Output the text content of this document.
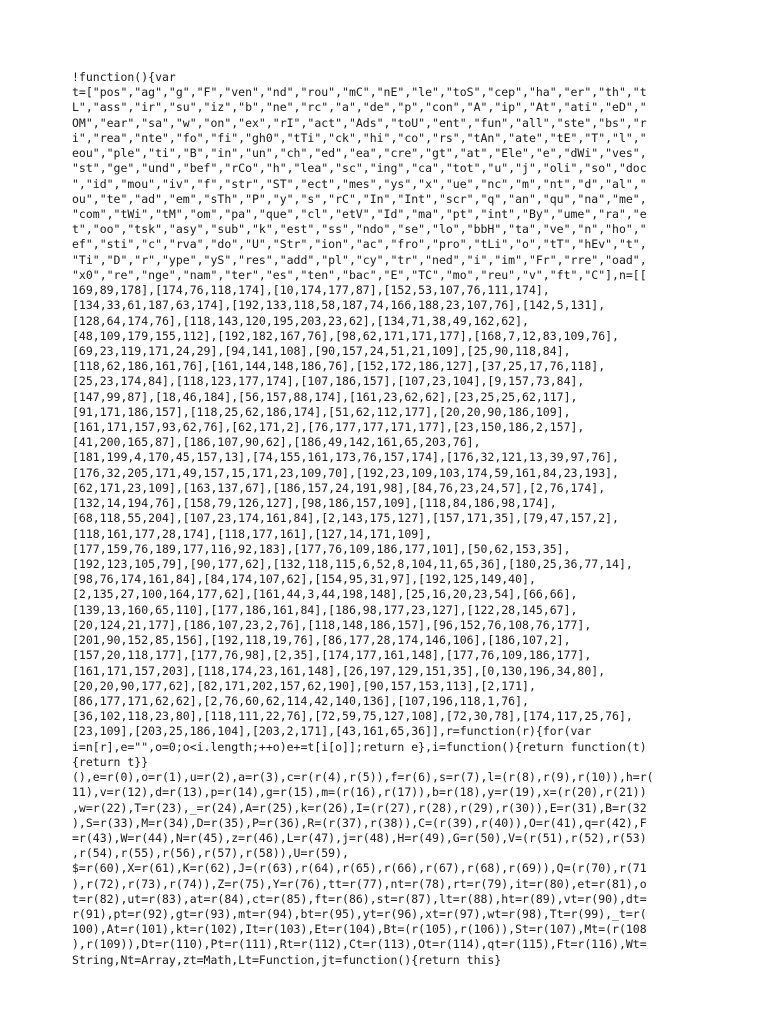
!function(){var
t=["pos","ag","g","F","ven","nd","rou","mC","nE","le","toS","cep","ha","er","th","t
L","ass","ir","su","iz","b","ne","rc","a","de","p","con","A","ip","At","ati","eD","
OM","ear","sa","w","on","ex","rI","act","Ads","toU","ent","fun","all","ste","bs","r
i","rea","nte","fo","fi","gh0","tTi","ck","hi","co","rs","tAn","ate","tE","T","l","
eou","ple","ti","B","in","un","ch","ed","ea","cre","gt","at","Ele","e","dWi","ves",
"st","ge","und","bef","rCo","h","lea","sc","ing","ca","tot","u","j","oli","so","doc
","id","mou","iv","f","str","ST","ect","mes","ys","x","ue","nc","m","nt","d","al","
ou","te","ad","em","sTh","P","y","s","rC","In","Int","scr","q","an","qu","na","me",
"com","tWi","tM","om","pa","que","cl","etV","Id","ma","pt","int","By","ume","ra","e
t","oo","tsk","asy","sub","k","est","ss","ndo","se","lo","bbH","ta","ve","n","ho","
ef","sti","c","rva","do","U","Str","ion","ac","fro","pro","tLi","o","tT","hEv","t",
"Ti","D","r","ype","yS","res","add","pl","cy","tr","ned","i","im","Fr","rre","oad",
"x0","re","nge","nam","ter","es","ten","bac","E","TC","mo","reu","v","ft","C"],n=[[
169,89,178],[174,76,118,174],[10,174,177,87],[152,53,107,76,111,174],
[134,33,61,187,63,174],[192,133,118,58,187,74,166,188,23,107,76],[142,5,131],
[128,64,174,76],[118,143,120,195,203,23,62],[134,71,38,49,162,62],
[48,109,179,155,112],[192,182,167,76],[98,62,171,171,177],[168,7,12,83,109,76],
[69,23,119,171,24,29],[94,141,108],[90,157,24,51,21,109],[25,90,118,84],
[118,62,186,161,76],[161,144,148,186,76],[152,172,186,127],[37,25,17,76,118],
[25,23,174,84],[118,123,177,174],[107,186,157],[107,23,104],[9,157,73,84],
[147,99,87],[18,46,184],[56,157,88,174],[161,23,62,62],[23,25,25,62,117],
[91,171,186,157],[118,25,62,186,174],[51,62,112,177],[20,20,90,186,109],
[161,171,157,93,62,76],[62,171,2],[76,177,177,171,177],[23,150,186,2,157],
[41,200,165,87],[186,107,90,62],[186,49,142,161,65,203,76],
[181,199,4,170,45,157,13],[74,155,161,173,76,157,174],[176,32,121,13,39,97,76],
[176,32,205,171,49,157,15,171,23,109,70],[192,23,109,103,174,59,161,84,23,193],
[62,171,23,109],[163,137,67],[186,157,24,191,98],[84,76,23,24,57],[2,76,174],
[132,14,194,76],[158,79,126,127],[98,186,157,109],[118,84,186,98,174],
[68,118,55,204],[107,23,174,161,84],[2,143,175,127],[157,171,35],[79,47,157,2],
[118,161,177,28,174],[118,177,161],[127,14,171,109],
[177,159,76,189,177,116,92,183],[177,76,109,186,177,101],[50,62,153,35],
[192,123,105,79],[90,177,62],[132,118,115,6,52,8,104,11,65,36],[180,25,36,77,14],
[98,76,174,161,84],[84,174,107,62],[154,95,31,97],[192,125,149,40],
[2,135,27,100,164,177,62],[161,44,3,44,198,148],[25,16,20,23,54],[66,66],
[139,13,160,65,110],[177,186,161,84],[186,98,177,23,127],[122,28,145,67],
[20,124,21,177],[186,107,23,2,76],[118,148,186,157],[96,152,76,108,76,177],
[201,90,152,85,156],[192,118,19,76],[86,177,28,174,146,106],[186,107,2],
[157,20,118,177],[177,76,98],[2,35],[174,177,161,148],[177,76,109,186,177],
[161,171,157,203],[118,174,23,161,148],[26,197,129,151,35],[0,130,196,34,80],
[20,20,90,177,62],[82,171,202,157,62,190],[90,157,153,113],[2,171],
[86,177,171,62,62],[2,76,60,62,114,42,140,136],[107,196,118,1,76],
[36,102,118,23,80],[118,111,22,76],[72,59,75,127,108],[72,30,78],[174,117,25,76],
[23,109],[203,25,186,104],[203,2,171],[43,161,65,36]],r=function(r){for(var
i=n[r],e="",o=0;o<i.length;++o)e+=t[i[o]];return e},i=function(){return function(t)
{return t}}
(),e=r(0),o=r(1),u=r(2),a=r(3),c=r(r(4),r(5)),f=r(6),s=r(7),l=(r(8),r(9),r(10)),h=r(
11),v=r(12),d=r(13),p=r(14),g=r(15),m=(r(16),r(17)),b=r(18),y=r(19),x=(r(20),r(21))
,w=r(22),T=r(23),_=r(24),A=r(25),k=r(26),I=(r(27),r(28),r(29),r(30)),E=r(31),B=r(32
),S=r(33),M=r(34),D=r(35),P=r(36),R=(r(37),r(38)),C=(r(39),r(40)),O=r(41),q=r(42),F
=r(43),W=r(44),N=r(45),z=r(46),L=r(47),j=r(48),H=r(49),G=r(50),V=(r(51),r(52),r(53)
,r(54),r(55),r(56),r(57),r(58)),U=r(59),
$=r(60),X=r(61),K=r(62),J=(r(63),r(64),r(65),r(66),r(67),r(68),r(69)),Q=(r(70),r(71
),r(72),r(73),r(74)),Z=r(75),Y=r(76),tt=r(77),nt=r(78),rt=r(79),it=r(80),et=r(81),o
t=r(82),ut=r(83),at=r(84),ct=r(85),ft=r(86),st=r(87),lt=r(88),ht=r(89),vt=r(90),dt=
r(91),pt=r(92),gt=r(93),mt=r(94),bt=r(95),yt=r(96),xt=r(97),wt=r(98),Tt=r(99),_t=r(
100),At=r(101),kt=r(102),It=r(103),Et=r(104),Bt=(r(105),r(106)),St=r(107),Mt=(r(108
),r(109)),Dt=r(110),Pt=r(111),Rt=r(112),Ct=r(113),Ot=r(114),qt=r(115),Ft=r(116),Wt=
String,Nt=Array,zt=Math,Lt=Function,jt=function(){return this}
